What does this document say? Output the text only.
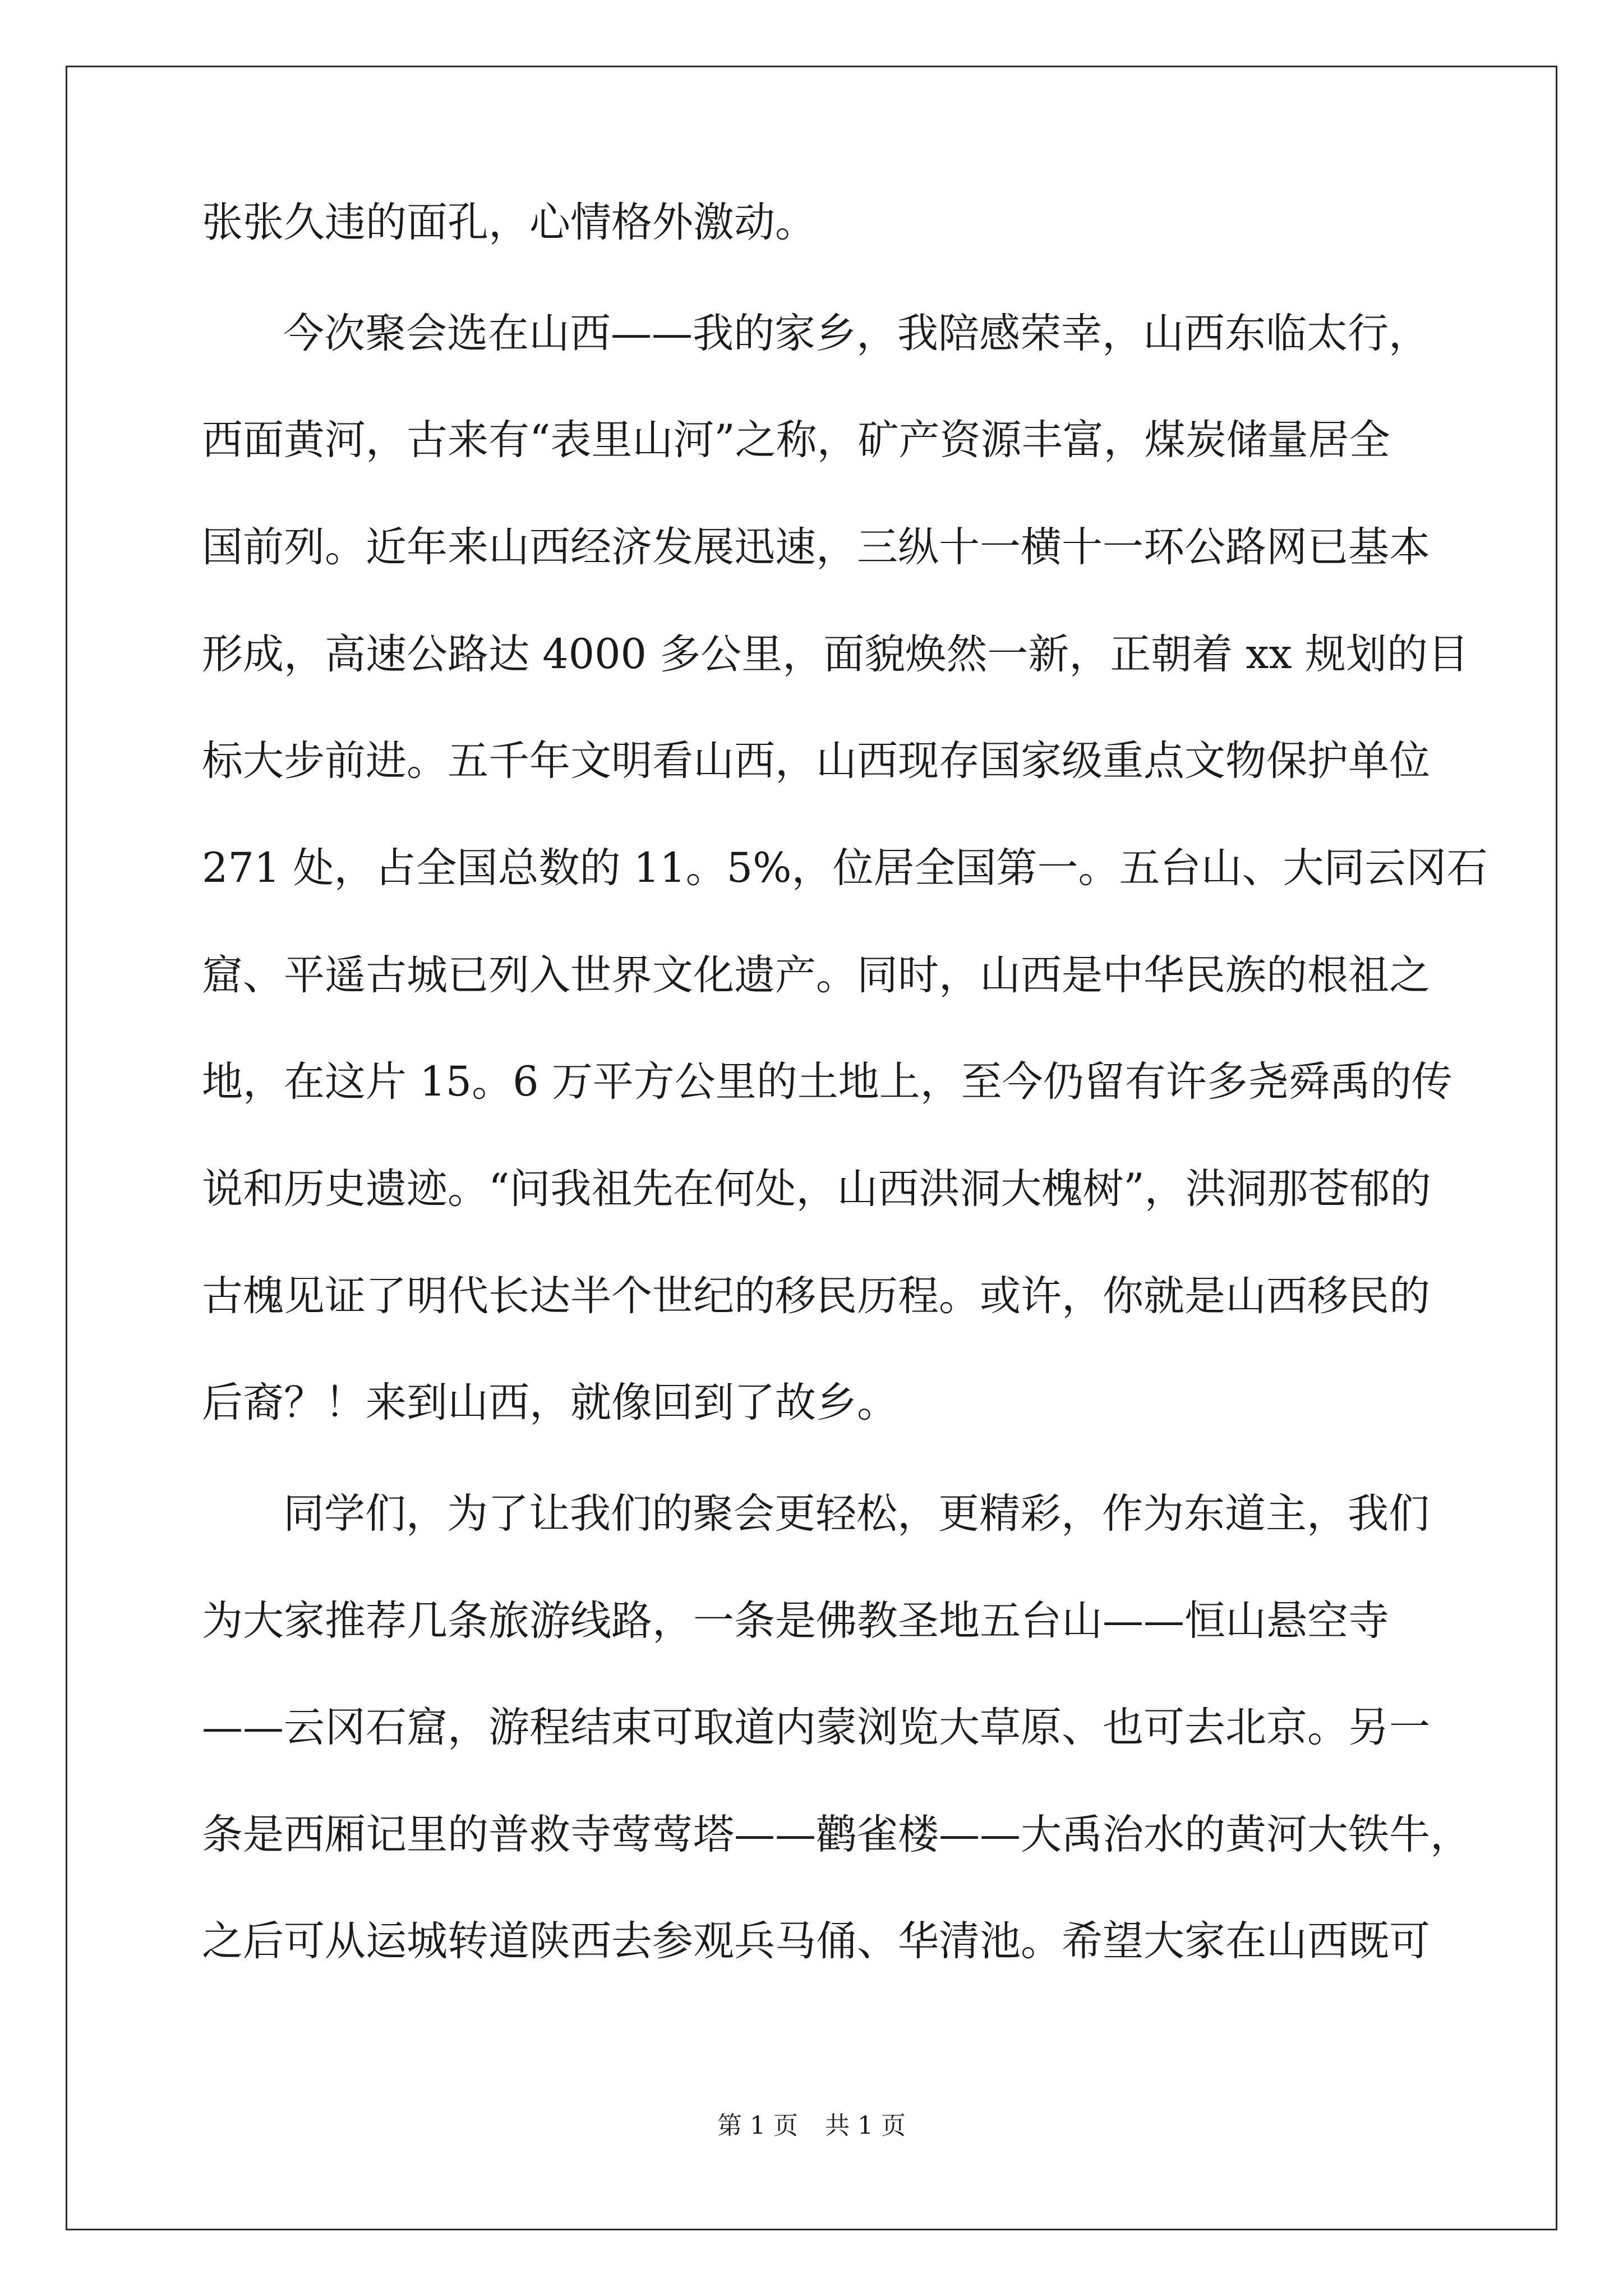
张张久违的面孔，心情格外激动。
今次聚会选在山西——我的家乡，我陪感荣幸，山西东临太行，
西面黄河，古来有“表里山河”之称，矿产资源丰富，煤炭储量居全
国前列。近年来山西经济发展迅速，三纵十一横十一环公路网已基本
形成，高速公路达 4000 多公里，面貌焕然一新，正朝着 xx 规划的目
标大步前进。五千年文明看山西，山西现存国家级重点文物保护单位
271 处，占全国总数的 11。5%，位居全国第一。五台山、大同云冈石
窟、平遥古城已列入世界文化遗产。同时，山西是中华民族的根祖之
地，在这片 15。6 万平方公里的土地上，至今仍留有许多尧舜禹的传
说和历史遗迹。“问我祖先在何处，山西洪洞大槐树”，洪洞那苍郁的
古槐见证了明代长达半个世纪的移民历程。或许，你就是山西移民的
后裔？！来到山西，就像回到了故乡。
同学们，为了让我们的聚会更轻松，更精彩，作为东道主，我们
为大家推荐几条旅游线路，一条是佛教圣地五台山——恒山悬空寺
——云冈石窟，游程结束可取道内蒙浏览大草原、也可去北京。另一
条是西厢记里的普救寺莺莺塔——鹳雀楼——大禹治水的黄河大铁牛，
之后可从运城转道陕西去参观兵马俑、华清池。希望大家在山西既可
第 1 页 共 1 页
